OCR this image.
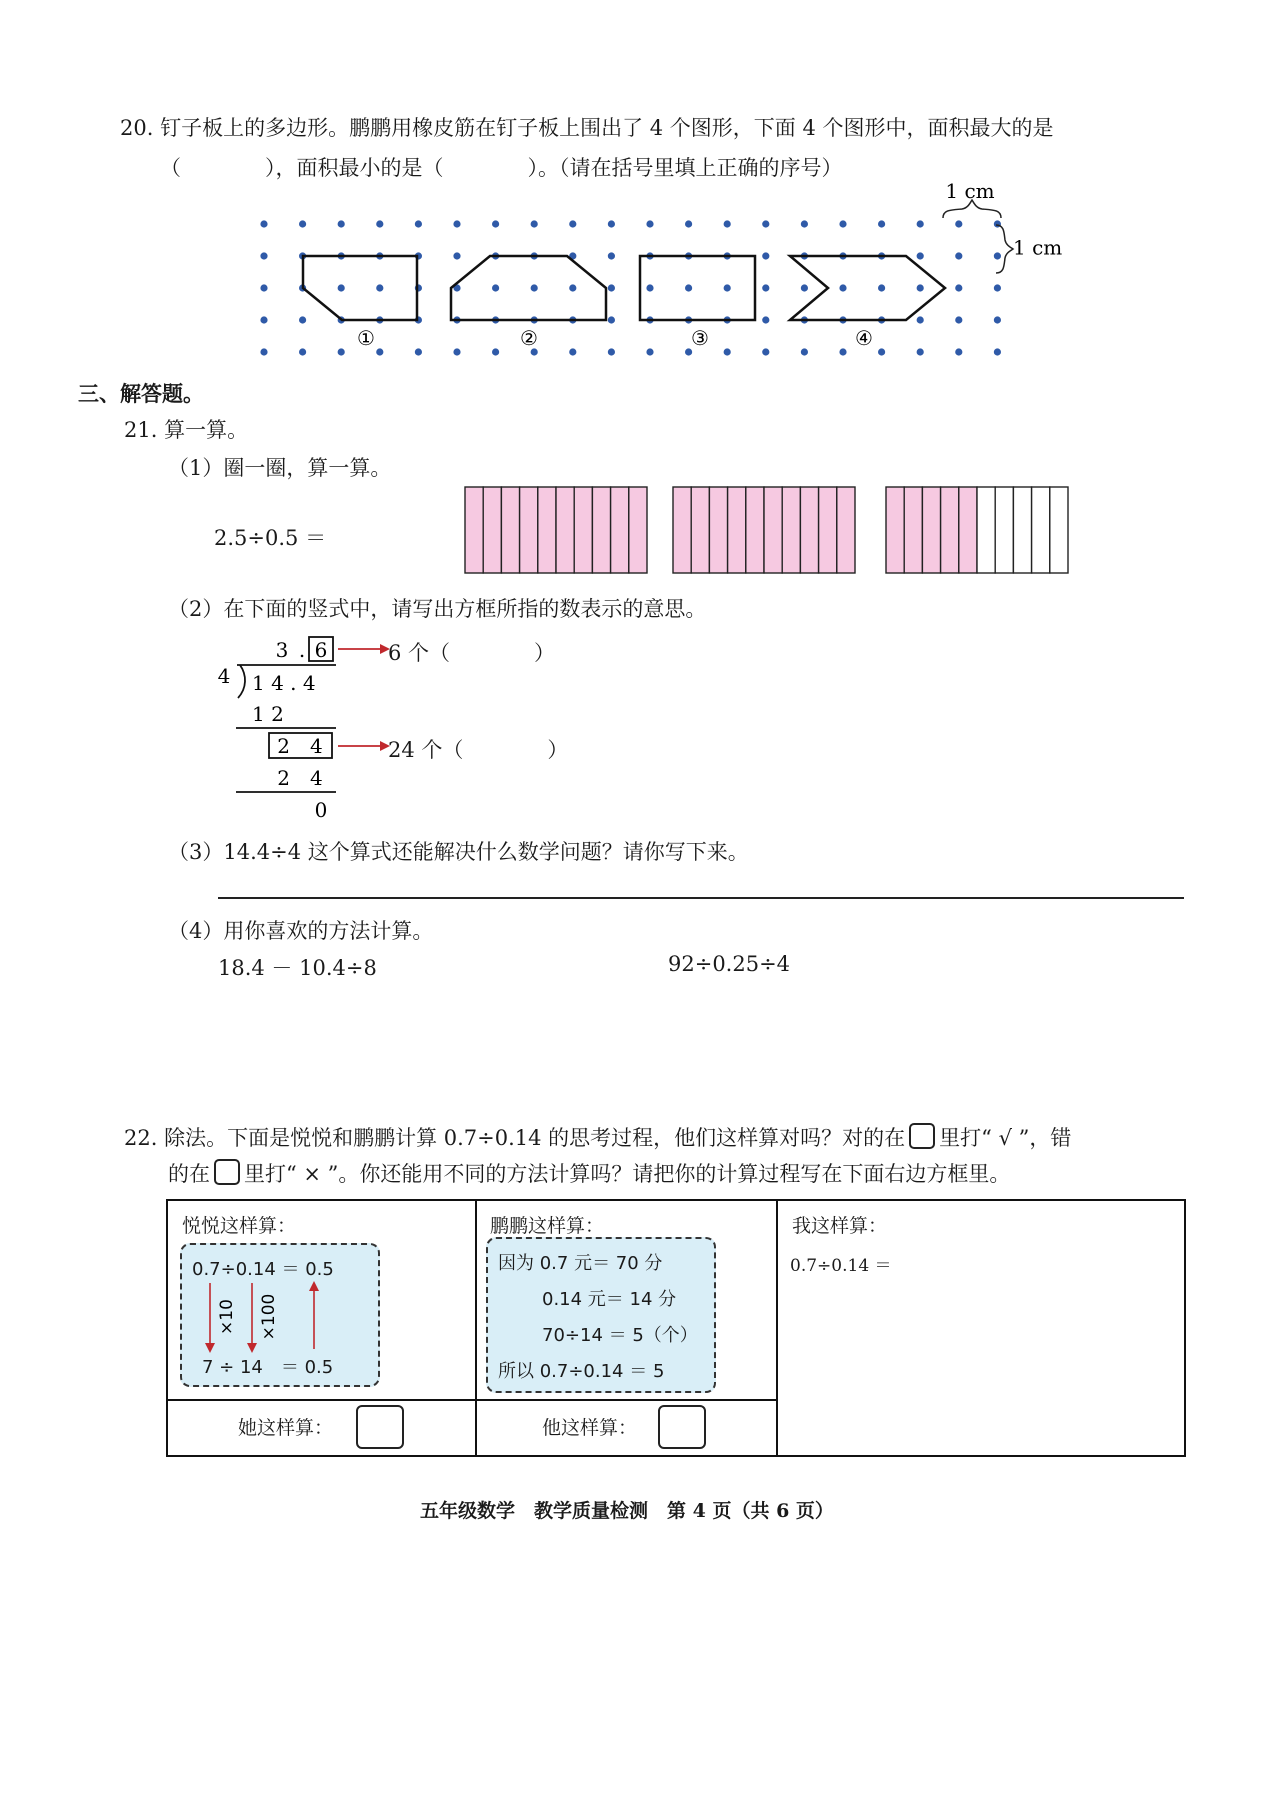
20. 钉子板上的多边形。鹏鹏用橡皮筋在钉子板上围出了 4 个图形，下面 4 个图形中，面积最大的是
（　　　　），面积最小的是（　　　　）。（请在括号里填上正确的序号）
①	②	③	④
1 cm
1 cm
三、解答题。
21. 算一算。
（1）圈一圈，算一算。
2.5÷0.5 ＝
（2）在下面的竖式中，请写出方框所指的数表示的意思。
3 . 6
4 1 4 . 4
1 2
2　4
2　4
0
6 个（　　　　）
24 个（　　　　）
（3）14.4÷4 这个算式还能解决什么数学问题？请你写下来。
（4）用你喜欢的方法计算。
18.4 － 10.4÷8	92÷0.25÷4
22. 除法。下面是悦悦和鹏鹏计算 0.7÷0.14 的思考过程，他们这样算对吗？对的在 里打“ √ ”，错
的在 里打“ × ”。你还能用不同的方法计算吗？请把你的计算过程写在下面右边方框里。
悦悦这样算：
0.7÷0.14 ＝ 0.5
7 ÷ 14　＝ 0.5
×10 ×100
她这样算：
鹏鹏这样算：
因为 0.7 元＝ 70 分
0.14 元＝ 14 分
70÷14 ＝ 5（个）
所以 0.7÷0.14 ＝ 5
他这样算：
我这样算：
0.7÷0.14 ＝
五年级数学　教学质量检测　第 4 页（共 6 页）
